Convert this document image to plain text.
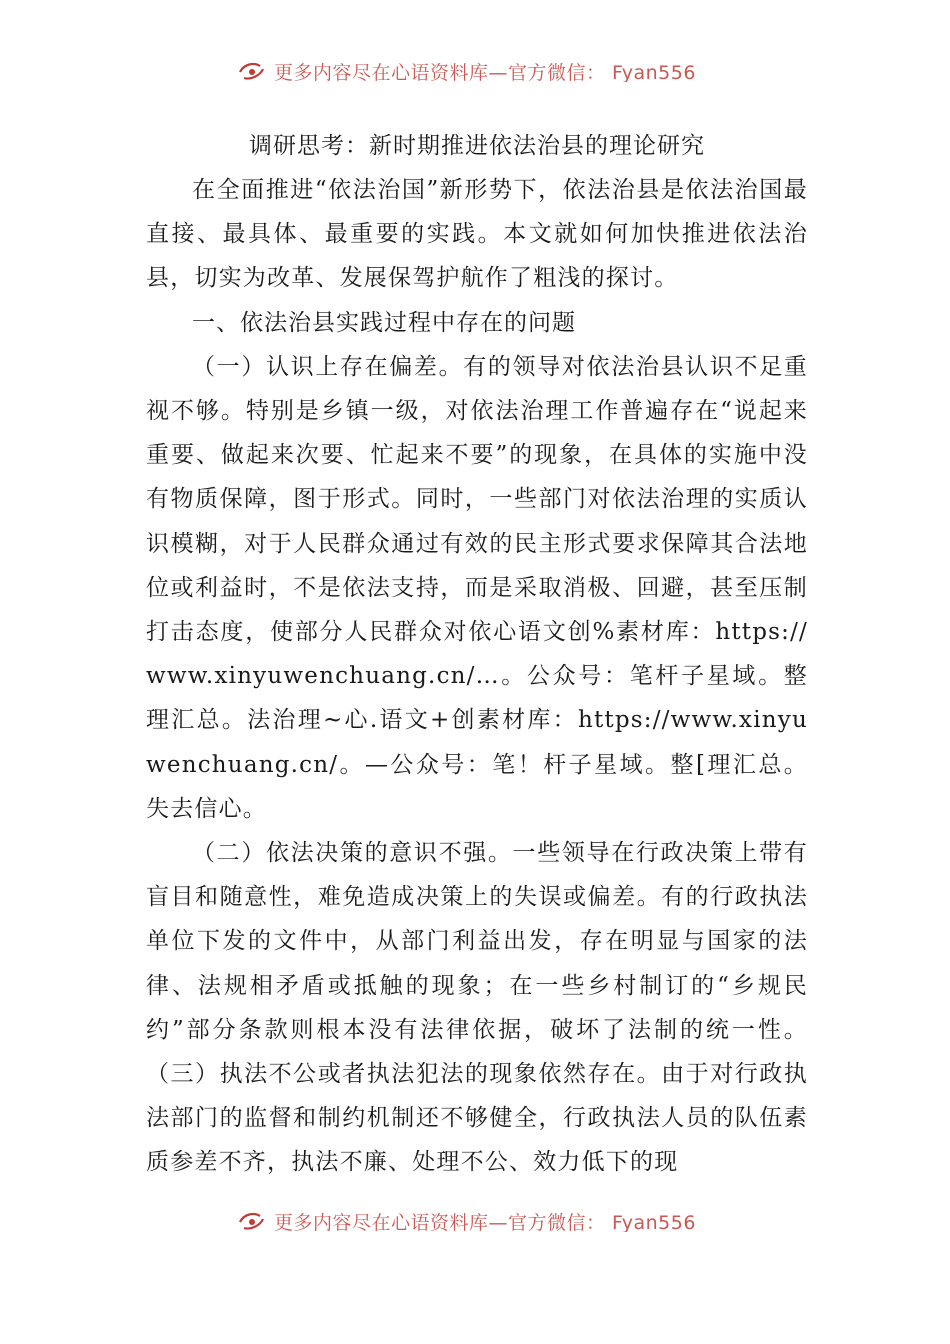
更多内容尽在心语资料库—官方微信： Fyan556
调研思考：新时期推进依法治县的理论研究

在全面推进“依法治国”新形势下，依法治县是依法治国最直接、最具体、最重要的实践。本文就如何加快推进依法治县，切实为改革、发展保驾护航作了粗浅的探讨。

一、依法治县实践过程中存在的问题

（一）认识上存在偏差。有的领导对依法治县认识不足重视不够。特别是乡镇一级，对依法治理工作普遍存在“说起来重要、做起来次要、忙起来不要”的现象，在具体的实施中没有物质保障，图于形式。同时，一些部门对依法治理的实质认识模糊，对于人民群众通过有效的民主形式要求保障其合法地位或利益时，不是依法支持，而是采取消极、回避，甚至压制打击态度，使部分人民群众对依心语文创%素材库：https://www.xinyuwenchuang.cn/…。公众号：笔杆子星域。整理汇总。法治理~心.语文+创素材库：https://www.xinyuwenchuang.cn/。—公众号：笔！杆子星域。整[理汇总。失去信心。

（二）依法决策的意识不强。一些领导在行政决策上带有盲目和随意性，难免造成决策上的失误或偏差。有的行政执法单位下发的文件中，从部门利益出发，存在明显与国家的法律、法规相矛盾或抵触的现象；在一些乡村制订的“乡规民约”部分条款则根本没有法律依据，破坏了法制的统一性。（三）执法不公或者执法犯法的现象依然存在。由于对行政执法部门的监督和制约机制还不够健全，行政执法人员的队伍素质参差不齐，执法不廉、处理不公、效力低下的现

更多内容尽在心语资料库—官方微信： Fyan556
